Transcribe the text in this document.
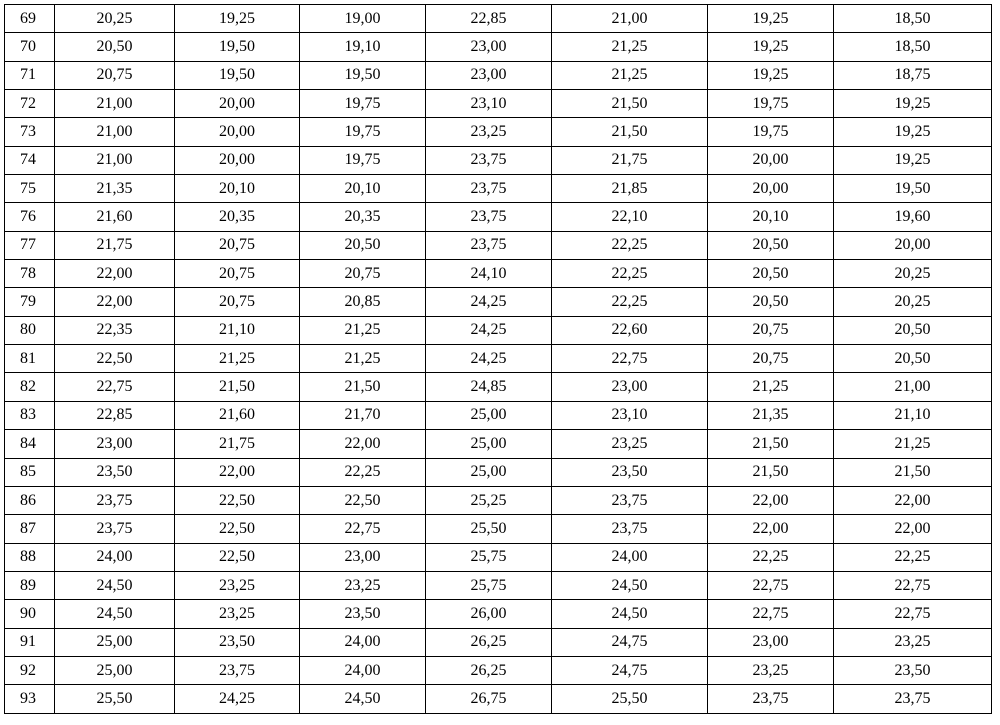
69	20,25	19,25	19,00	22,85	21,00	19,25	18,50
70	20,50	19,50	19,10	23,00	21,25	19,25	18,50
71	20,75	19,50	19,50	23,00	21,25	19,25	18,75
72	21,00	20,00	19,75	23,10	21,50	19,75	19,25
73	21,00	20,00	19,75	23,25	21,50	19,75	19,25
74	21,00	20,00	19,75	23,75	21,75	20,00	19,25
75	21,35	20,10	20,10	23,75	21,85	20,00	19,50
76	21,60	20,35	20,35	23,75	22,10	20,10	19,60
77	21,75	20,75	20,50	23,75	22,25	20,50	20,00
78	22,00	20,75	20,75	24,10	22,25	20,50	20,25
79	22,00	20,75	20,85	24,25	22,25	20,50	20,25
80	22,35	21,10	21,25	24,25	22,60	20,75	20,50
81	22,50	21,25	21,25	24,25	22,75	20,75	20,50
82	22,75	21,50	21,50	24,85	23,00	21,25	21,00
83	22,85	21,60	21,70	25,00	23,10	21,35	21,10
84	23,00	21,75	22,00	25,00	23,25	21,50	21,25
85	23,50	22,00	22,25	25,00	23,50	21,50	21,50
86	23,75	22,50	22,50	25,25	23,75	22,00	22,00
87	23,75	22,50	22,75	25,50	23,75	22,00	22,00
88	24,00	22,50	23,00	25,75	24,00	22,25	22,25
89	24,50	23,25	23,25	25,75	24,50	22,75	22,75
90	24,50	23,25	23,50	26,00	24,50	22,75	22,75
91	25,00	23,50	24,00	26,25	24,75	23,00	23,25
92	25,00	23,75	24,00	26,25	24,75	23,25	23,50
93	25,50	24,25	24,50	26,75	25,50	23,75	23,75
